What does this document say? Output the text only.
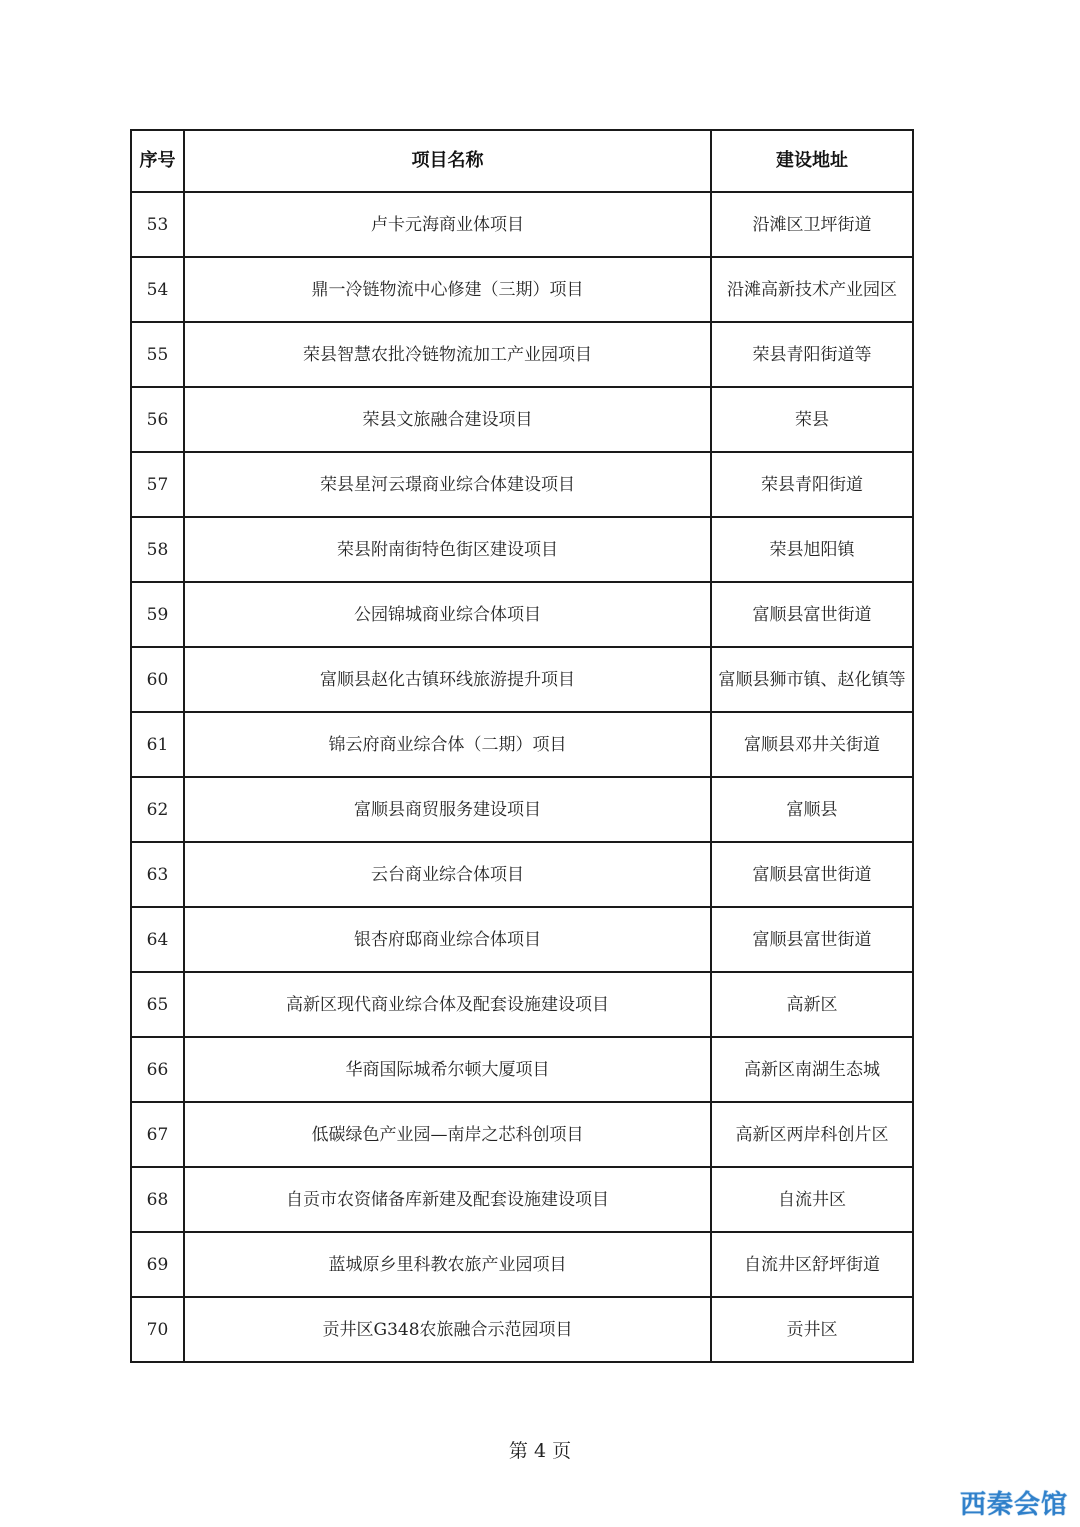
序号	项目名称	建设地址
53	卢卡元海商业体项目	沿滩区卫坪街道
54	鼎一冷链物流中心修建（三期）项目	沿滩高新技术产业园区
55	荣县智慧农批冷链物流加工产业园项目	荣县青阳街道等
56	荣县文旅融合建设项目	荣县
57	荣县星河云璟商业综合体建设项目	荣县青阳街道
58	荣县附南街特色街区建设项目	荣县旭阳镇
59	公园锦城商业综合体项目	富顺县富世街道
60	富顺县赵化古镇环线旅游提升项目	富顺县狮市镇、赵化镇等
61	锦云府商业综合体（二期）项目	富顺县邓井关街道
62	富顺县商贸服务建设项目	富顺县
63	云台商业综合体项目	富顺县富世街道
64	银杏府邸商业综合体项目	富顺县富世街道
65	高新区现代商业综合体及配套设施建设项目	高新区
66	华商国际城希尔顿大厦项目	高新区南湖生态城
67	低碳绿色产业园—南岸之芯科创项目	高新区两岸科创片区
68	自贡市农资储备库新建及配套设施建设项目	自流井区
69	蓝城原乡里科教农旅产业园项目	自流井区舒坪街道
70	贡井区G348农旅融合示范园项目	贡井区
第 4 页
西秦会馆
